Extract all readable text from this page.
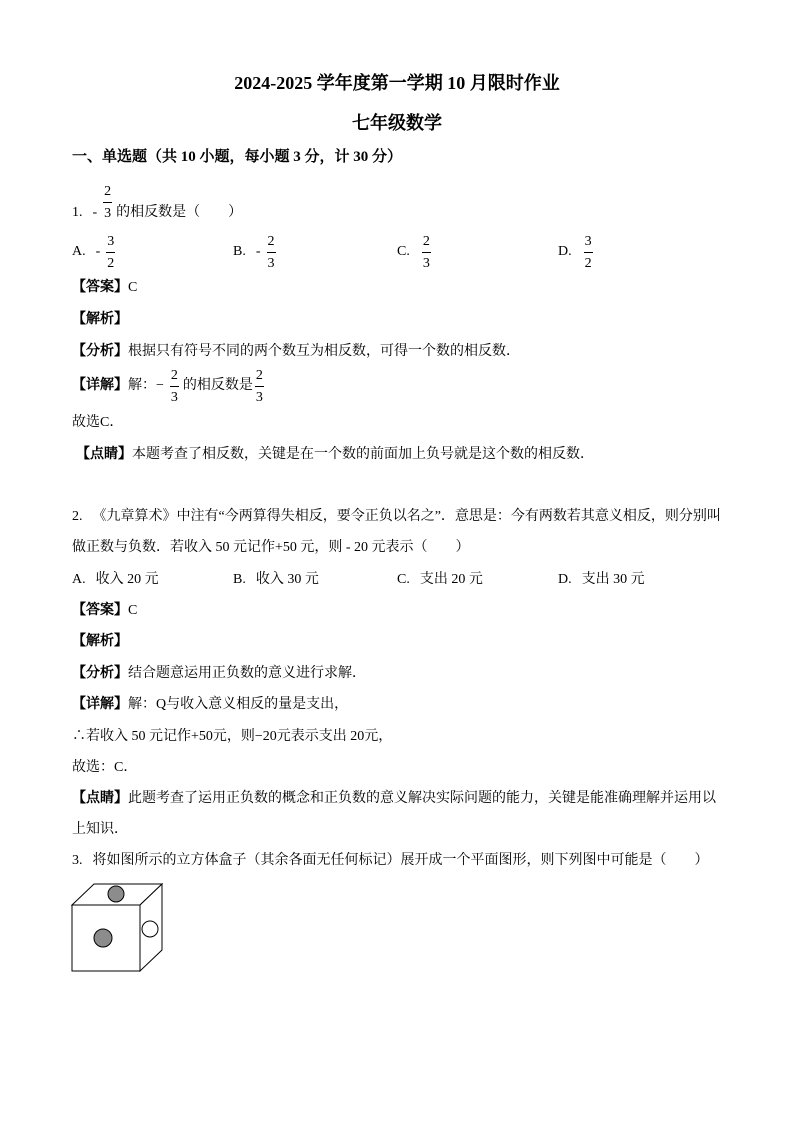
2024-2025 学年度第一学期 10 月限时作业
七年级数学
一、单选题（共 10 小题，每小题 3 分，计 30 分）
1. - $\frac{2}{3}$ 的相反数是（　　）
A. - $\frac{3}{2}$	B. - $\frac{2}{3}$	C. $\frac{2}{3}$	D. $\frac{3}{2}$
【答案】C
【解析】
【分析】根据只有符号不同的两个数互为相反数，可得一个数的相反数．
【详解】 解： − $\frac{2}{3}$ 的相反数是 $\frac{2}{3}$
故选C．
【点睛】本题考查了相反数，关键是在一个数的前面加上负号就是这个数的相反数．
2. 《九章算术》中注有“今两算得失相反，要令正负以名之”．意思是：今有两数若其意义相反，则分别叫
做正数与负数．若收入 50 元记作+50 元，则 - 20 元表示（　　）
A. 收入 20 元	B. 收入 30 元	C. 支出 20 元	D. 支出 30 元
【答案】C
【解析】
【分析】结合题意运用正负数的意义进行求解．
【详解】解：Q与收入意义相反的量是支出，
∴若收入 50 元记作+50元，则−20元表示支出 20元，
故选：C．
【点睛】此题考查了运用正负数的概念和正负数的意义解决实际问题的能力，关键是能准确理解并运用以
上知识．
3. 将如图所示的立方体盒子（其余各面无任何标记）展开成一个平面图形，则下列图中可能是（　　）
